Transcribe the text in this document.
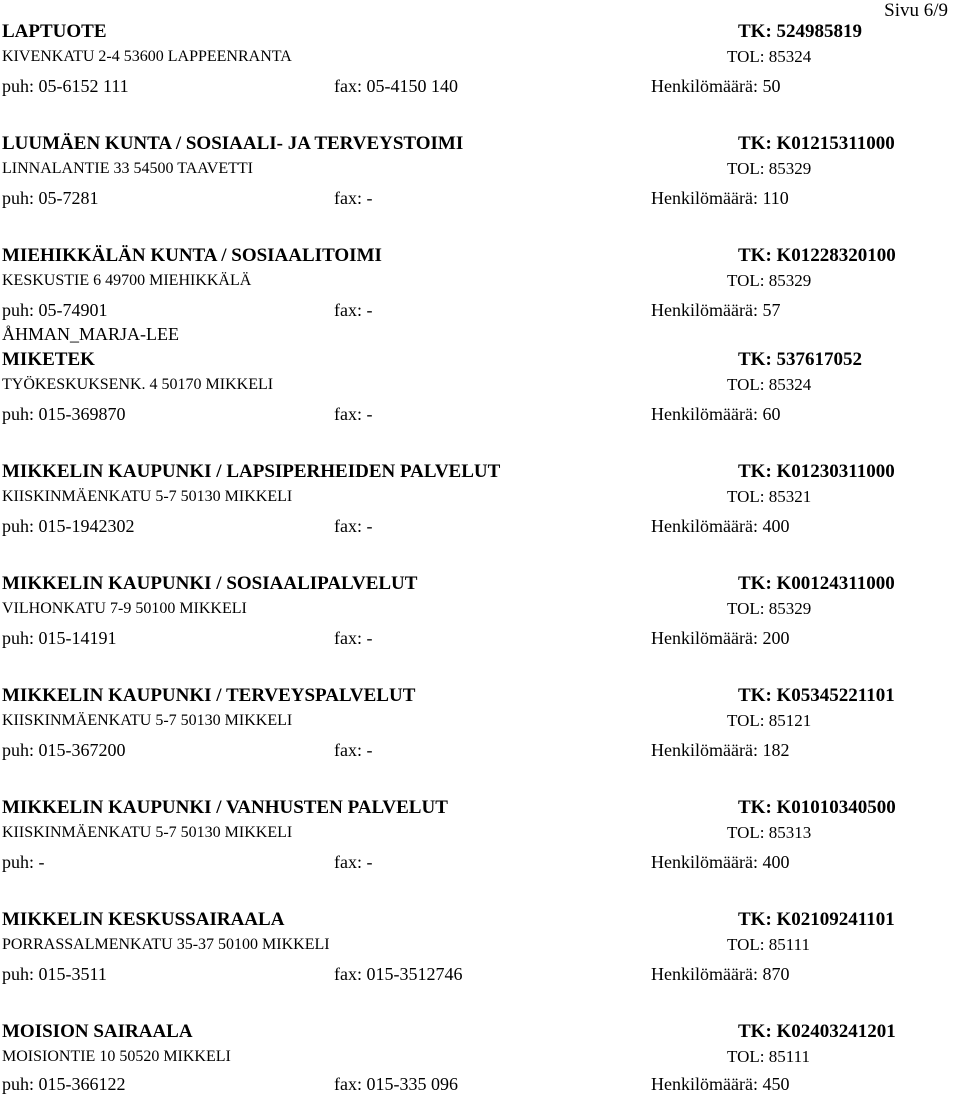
Sivu 6/9
LAPTUOTE	TK: 524985819
KIVENKATU 2-4 53600 LAPPEENRANTA	TOL: 85324
puh: 05-6152 111	fax: 05-4150 140	Henkilömäärä: 50
LUUMÄEN KUNTA / SOSIAALI- JA TERVEYSTOIMI	TK: K01215311000
LINNALANTIE 33 54500 TAAVETTI	TOL: 85329
puh: 05-7281	fax: -	Henkilömäärä: 110
MIEHIKKÄLÄN KUNTA / SOSIAALITOIMI	TK: K01228320100
KESKUSTIE 6 49700 MIEHIKKÄLÄ	TOL: 85329
puh: 05-74901	fax: -	Henkilömäärä: 57
ÅHMAN_MARJA-LEE
MIKETEK	TK: 537617052
TYÖKESKUKSENK. 4 50170 MIKKELI	TOL: 85324
puh: 015-369870	fax: -	Henkilömäärä: 60
MIKKELIN KAUPUNKI / LAPSIPERHEIDEN PALVELUT	TK: K01230311000
KIISKINMÄENKATU 5-7 50130 MIKKELI	TOL: 85321
puh: 015-1942302	fax: -	Henkilömäärä: 400
MIKKELIN KAUPUNKI / SOSIAALIPALVELUT	TK: K00124311000
VILHONKATU 7-9 50100 MIKKELI	TOL: 85329
puh: 015-14191	fax: -	Henkilömäärä: 200
MIKKELIN KAUPUNKI / TERVEYSPALVELUT	TK: K05345221101
KIISKINMÄENKATU 5-7 50130 MIKKELI	TOL: 85121
puh: 015-367200	fax: -	Henkilömäärä: 182
MIKKELIN KAUPUNKI / VANHUSTEN PALVELUT	TK: K01010340500
KIISKINMÄENKATU 5-7 50130 MIKKELI	TOL: 85313
puh: -	fax: -	Henkilömäärä: 400
MIKKELIN KESKUSSAIRAALA	TK: K02109241101
PORRASSALMENKATU 35-37 50100 MIKKELI	TOL: 85111
puh: 015-3511	fax: 015-3512746	Henkilömäärä: 870
MOISION SAIRAALA	TK: K02403241201
MOISIONTIE 10 50520 MIKKELI	TOL: 85111
puh: 015-366122	fax: 015-335 096	Henkilömäärä: 450
